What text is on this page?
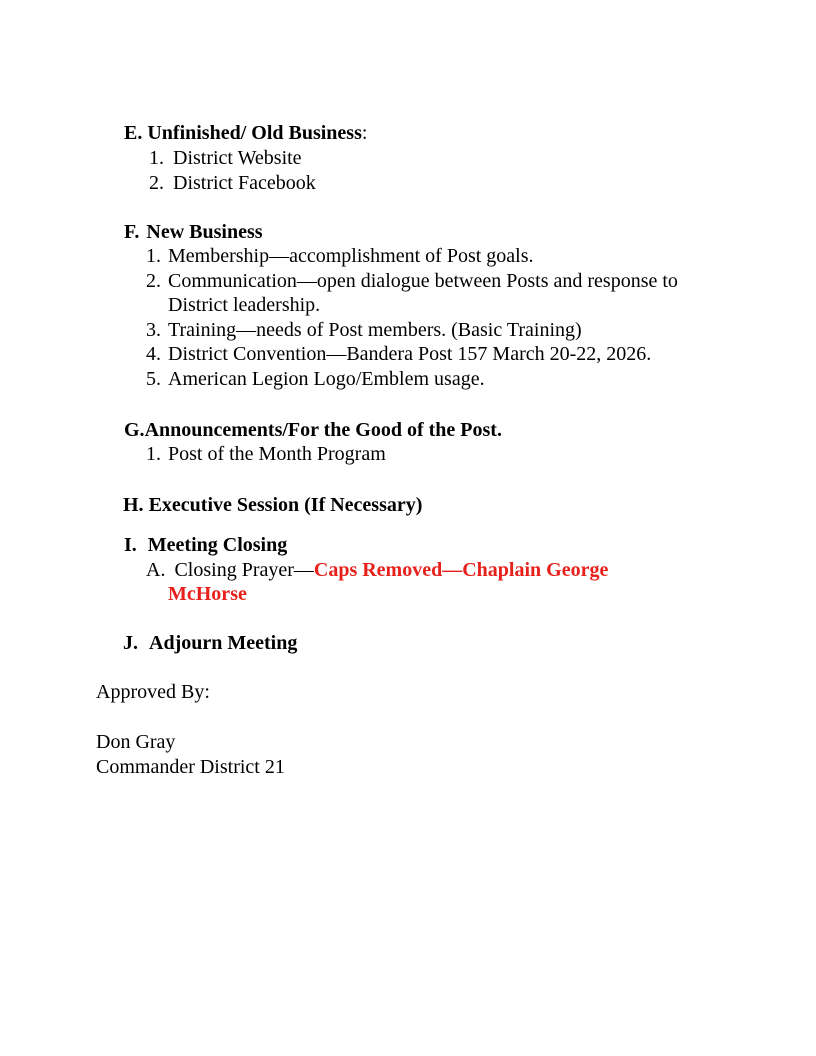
E. Unfinished/ Old Business:
1. District Website
2. District Facebook
F. New Business
1. Membership—accomplishment of Post goals.
2. Communication—open dialogue between Posts and response to
District leadership.
3. Training—needs of Post members. (Basic Training)
4. District Convention—Bandera Post 157 March 20-22, 2026.
5. American Legion Logo/Emblem usage.
G.Announcements/For the Good of the Post.
1. Post of the Month Program
H. Executive Session (If Necessary)
I. Meeting Closing
A. Closing Prayer—Caps Removed—Chaplain George
McHorse
J. Adjourn Meeting
Approved By:
Don Gray
Commander District 21
